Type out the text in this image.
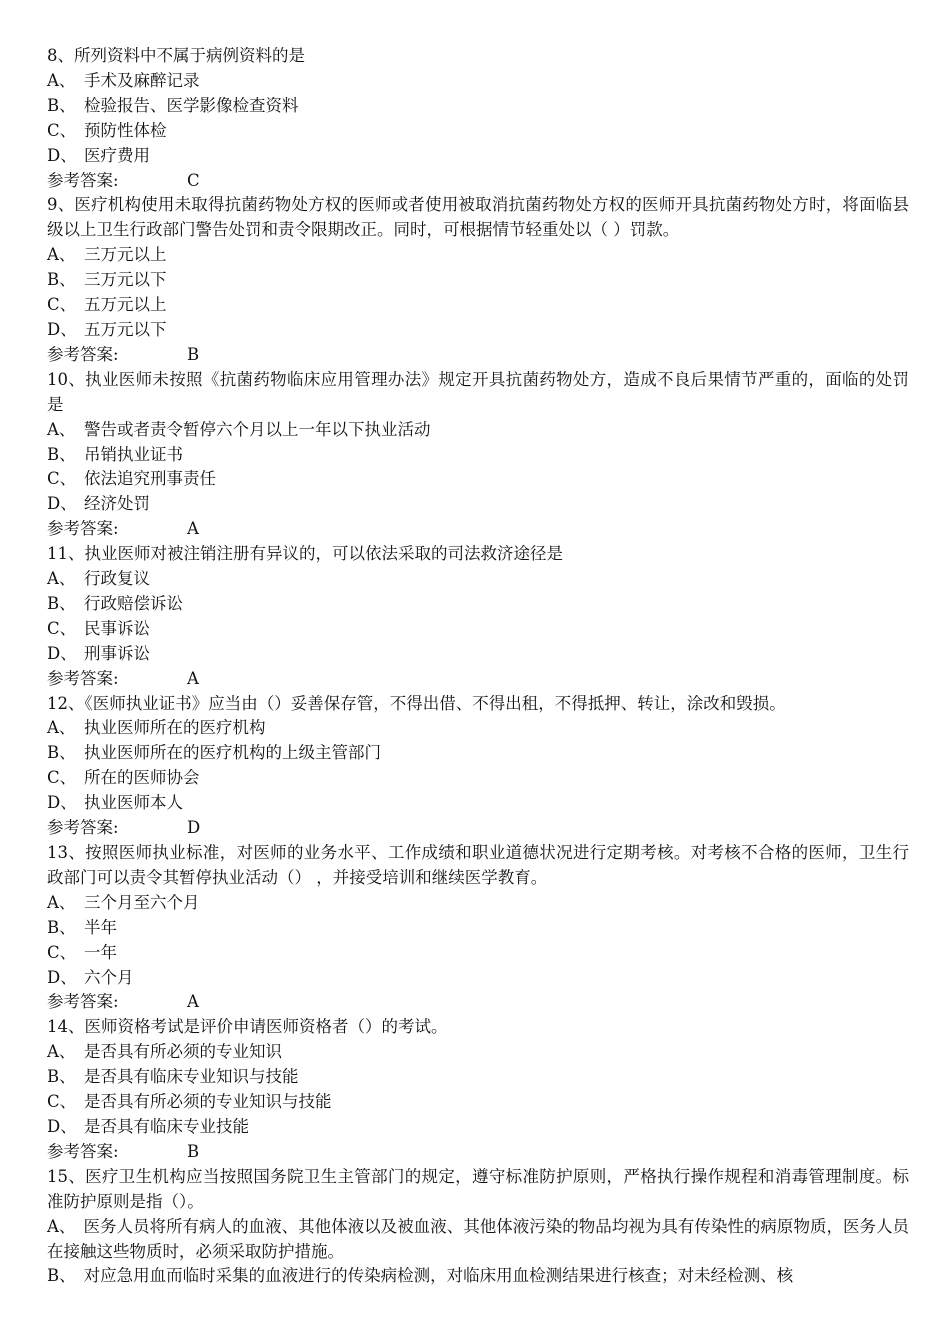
8、所列资料中不属于病例资料的是
A、 手术及麻醉记录
B、 检验报告、医学影像检查资料
C、 预防性体检
D、 医疗费用
参考答案:	C
9、医疗机构使用未取得抗菌药物处方权的医师或者使用被取消抗菌药物处方权的医师开具抗菌药物处方时，将面临县级以上卫生行政部门警告处罚和责令限期改正。同时，可根据情节轻重处以（ ）罚款。
A、 三万元以上
B、 三万元以下
C、 五万元以上
D、 五万元以下
参考答案:	B
10、执业医师未按照《抗菌药物临床应用管理办法》规定开具抗菌药物处方，造成不良后果情节严重的，面临的处罚是
A、 警告或者责令暂停六个月以上一年以下执业活动
B、 吊销执业证书
C、 依法追究刑事责任
D、 经济处罚
参考答案:	A
11、执业医师对被注销注册有异议的，可以依法采取的司法救济途径是
A、 行政复议
B、 行政赔偿诉讼
C、 民事诉讼
D、 刑事诉讼
参考答案:	A
12、《医师执业证书》应当由（）妥善保存管，不得出借、不得出租，不得抵押、转让，涂改和毁损。
A、 执业医师所在的医疗机构
B、 执业医师所在的医疗机构的上级主管部门
C、 所在的医师协会
D、 执业医师本人
参考答案:	D
13、按照医师执业标准，对医师的业务水平、工作成绩和职业道德状况进行定期考核。对考核不合格的医师，卫生行政部门可以责令其暂停执业活动（） ，并接受培训和继续医学教育。
A、 三个月至六个月
B、 半年
C、 一年
D、 六个月
参考答案:	A
14、医师资格考试是评价申请医师资格者（）的考试。
A、 是否具有所必须的专业知识
B、 是否具有临床专业知识与技能
C、 是否具有所必须的专业知识与技能
D、 是否具有临床专业技能
参考答案:	B
15、医疗卫生机构应当按照国务院卫生主管部门的规定，遵守标准防护原则，严格执行操作规程和消毒管理制度。标准防护原则是指（）。
A、 医务人员将所有病人的血液、其他体液以及被血液、其他体液污染的物品均视为具有传染性的病原物质，医务人员在接触这些物质时，必须采取防护措施。
B、 对应急用血而临时采集的血液进行的传染病检测，对临床用血检测结果进行核查；对未经检测、核
